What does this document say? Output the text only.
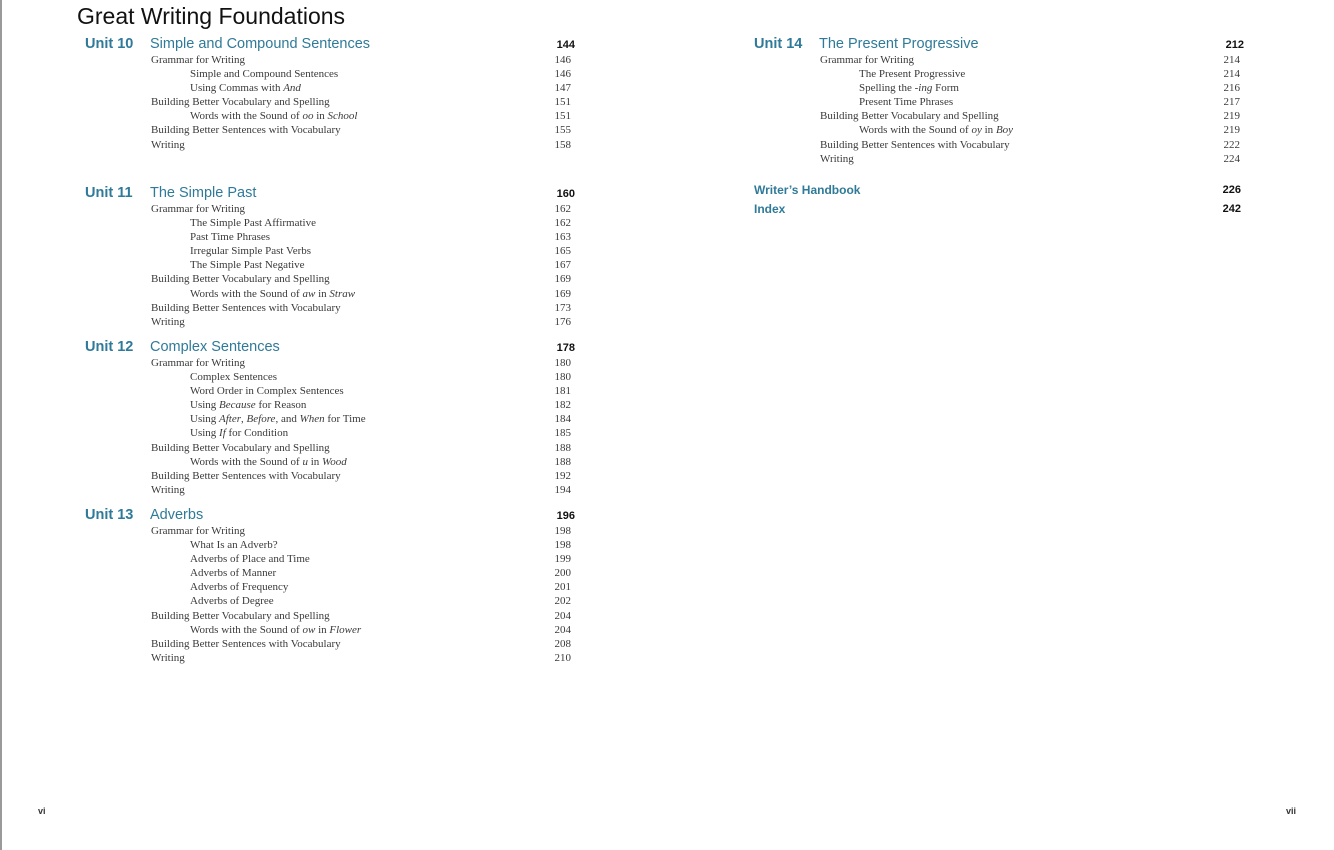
Great Writing Foundations
Unit 10 Simple and Compound Sentences	144
Grammar for Writing	146
Simple and Compound Sentences	146
Using Commas with And	147
Building Better Vocabulary and Spelling	151
Words with the Sound of oo in School	151
Building Better Sentences with Vocabulary	155
Writing	158
Unit 11 The Simple Past	160
Grammar for Writing	162
The Simple Past Affirmative	162
Past Time Phrases	163
Irregular Simple Past Verbs	165
The Simple Past Negative	167
Building Better Vocabulary and Spelling	169
Words with the Sound of aw in Straw	169
Building Better Sentences with Vocabulary	173
Writing	176
Unit 12 Complex Sentences	178
Grammar for Writing	180
Complex Sentences	180
Word Order in Complex Sentences	181
Using Because for Reason	182
Using After, Before, and When for Time	184
Using If for Condition	185
Building Better Vocabulary and Spelling	188
Words with the Sound of u in Wood	188
Building Better Sentences with Vocabulary	192
Writing	194
Unit 13 Adverbs	196
Grammar for Writing	198
What Is an Adverb?	198
Adverbs of Place and Time	199
Adverbs of Manner	200
Adverbs of Frequency	201
Adverbs of Degree	202
Building Better Vocabulary and Spelling	204
Words with the Sound of ow in Flower	204
Building Better Sentences with Vocabulary	208
Writing	210
Unit 14 The Present Progressive	212
Grammar for Writing	214
The Present Progressive	214
Spelling the -ing Form	216
Present Time Phrases	217
Building Better Vocabulary and Spelling	219
Words with the Sound of oy in Boy	219
Building Better Sentences with Vocabulary	222
Writing	224
Writer’s Handbook	226
Index	242
vi	vii
